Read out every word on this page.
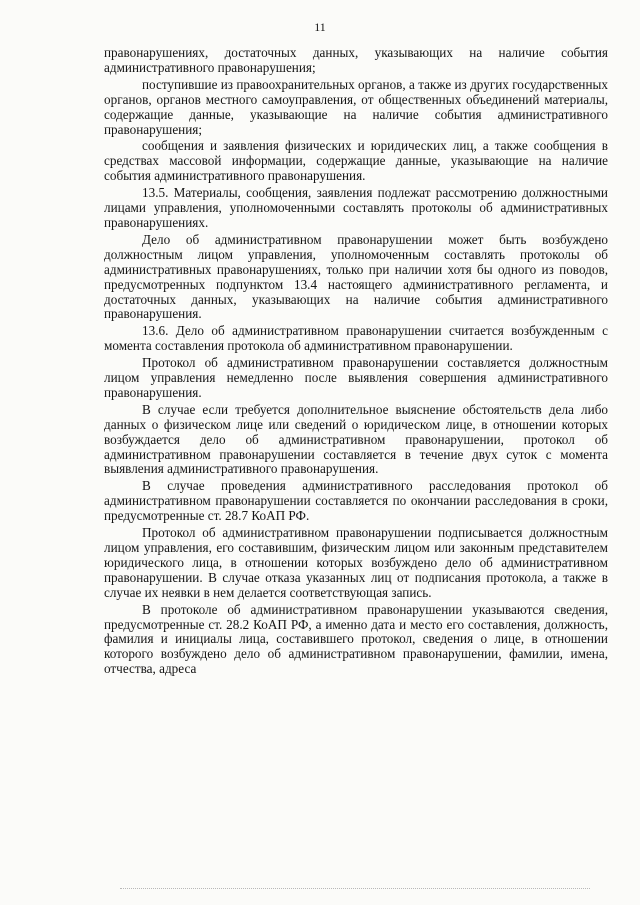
11

правонарушениях, достаточных данных, указывающих на наличие события административного правонарушения;

поступившие из правоохранительных органов, а также из других государственных органов, органов местного самоуправления, от общественных объединений материалы, содержащие данные, указывающие на наличие события административного правонарушения;

сообщения и заявления физических и юридических лиц, а также сообщения в средствах массовой информации, содержащие данные, указывающие на наличие события административного правонарушения.

13.5. Материалы, сообщения, заявления подлежат рассмотрению должностными лицами управления, уполномоченными составлять протоколы об административных правонарушениях.

Дело об административном правонарушении может быть возбуждено должностным лицом управления, уполномоченным составлять протоколы об административных правонарушениях, только при наличии хотя бы одного из поводов, предусмотренных подпунктом 13.4 настоящего административного регламента, и достаточных данных, указывающих на наличие события административного правонарушения.

13.6. Дело об административном правонарушении считается возбужденным с момента составления протокола об административном правонарушении.

Протокол об административном правонарушении составляется должностным лицом управления немедленно после выявления совершения административного правонарушения.

В случае если требуется дополнительное выяснение обстоятельств дела либо данных о физическом лице или сведений о юридическом лице, в отношении которых возбуждается дело об административном правонарушении, протокол об административном правонарушении составляется в течение двух суток с момента выявления административного правонарушения.

В случае проведения административного расследования протокол об административном правонарушении составляется по окончании расследования в сроки, предусмотренные ст. 28.7 КоАП РФ.

Протокол об административном правонарушении подписывается должностным лицом управления, его составившим, физическим лицом или законным представителем юридического лица, в отношении которых возбуждено дело об административном правонарушении. В случае отказа указанных лиц от подписания протокола, а также в случае их неявки в нем делается соответствующая запись.

В протоколе об административном правонарушении указываются сведения, предусмотренные ст. 28.2 КоАП РФ, а именно дата и место его составления, должность, фамилия и инициалы лица, составившего протокол, сведения о лице, в отношении которого возбуждено дело об административном правонарушении, фамилии, имена, отчества, адреса
